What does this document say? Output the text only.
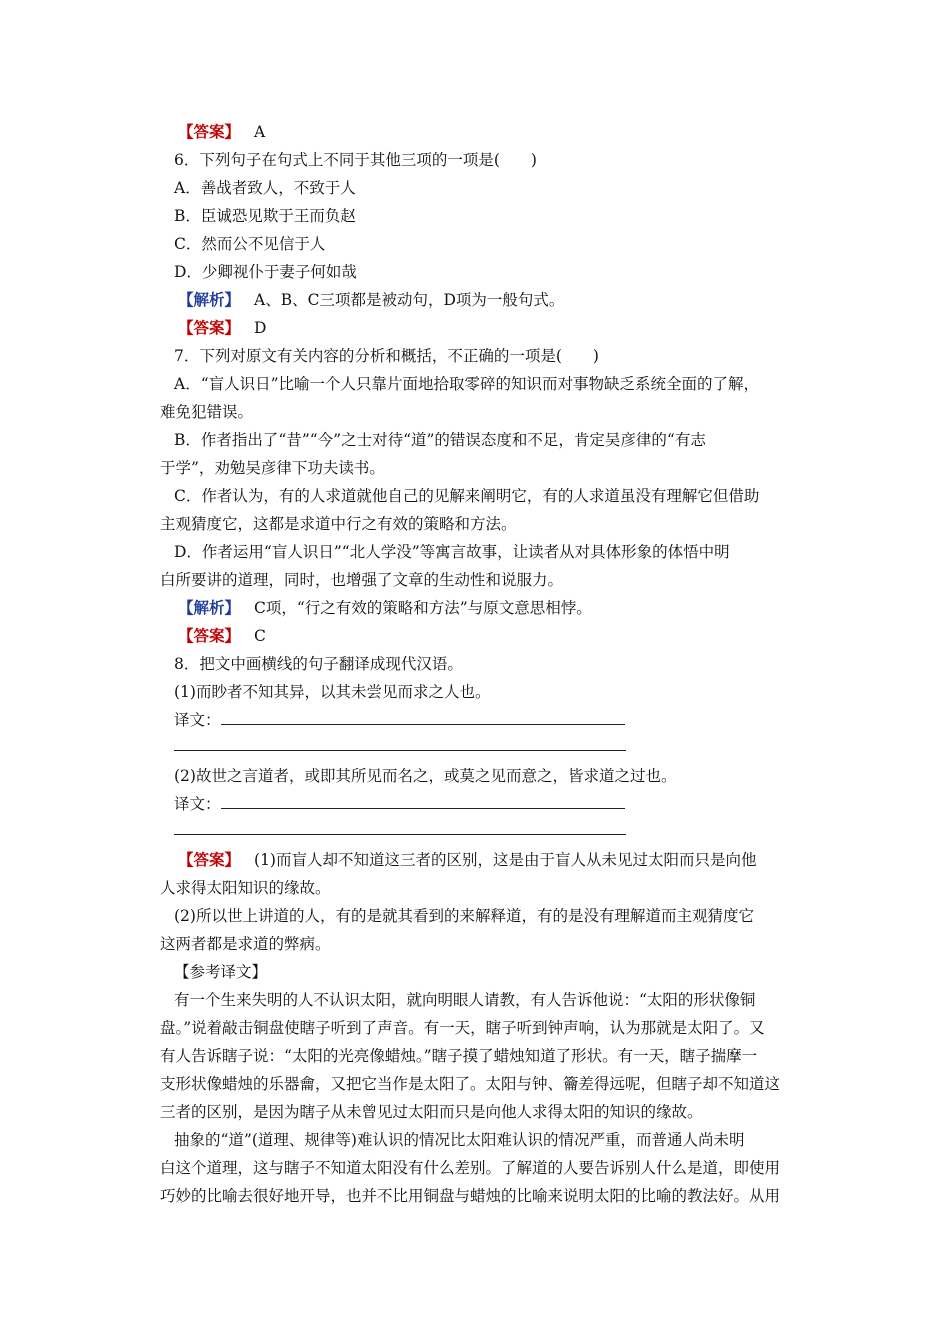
【答案】 A
6．下列句子在句式上不同于其他三项的一项是(　　)
A．善战者致人，不致于人
B．臣诚恐见欺于王而负赵
C．然而公不见信于人
D．少卿视仆于妻子何如哉
【解析】 A、B、C三项都是被动句，D项为一般句式。
【答案】 D
7．下列对原文有关内容的分析和概括，不正确的一项是(　　)
A．“盲人识日”比喻一个人只靠片面地拾取零碎的知识而对事物缺乏系统全面的了解，
难免犯错误。
B．作者指出了“昔”“今”之士对待“道”的错误态度和不足，肯定吴彦律的“有志
于学”，劝勉吴彦律下功夫读书。
C．作者认为，有的人求道就他自己的见解来阐明它，有的人求道虽没有理解它但借助
主观猜度它，这都是求道中行之有效的策略和方法。
D．作者运用“盲人识日”“北人学没”等寓言故事，让读者从对具体形象的体悟中明
白所要讲的道理，同时，也增强了文章的生动性和说服力。
【解析】 C项，“行之有效的策略和方法”与原文意思相悖。
【答案】 C
8．把文中画横线的句子翻译成现代汉语。
(1)而眇者不知其异，以其未尝见而求之人也。
译文：
(2)故世之言道者，或即其所见而名之，或莫之见而意之，皆求道之过也。
译文：
【答案】 (1)而盲人却不知道这三者的区别，这是由于盲人从未见过太阳而只是向他
人求得太阳知识的缘故。
(2)所以世上讲道的人，有的是就其看到的来解释道，有的是没有理解道而主观猜度它
这两者都是求道的弊病。
【参考译文】
有一个生来失明的人不认识太阳，就向明眼人请教，有人告诉他说：“太阳的形状像铜
盘。”说着敲击铜盘使瞎子听到了声音。有一天，瞎子听到钟声响，认为那就是太阳了。又
有人告诉瞎子说：“太阳的光亮像蜡烛。”瞎子摸了蜡烛知道了形状。有一天，瞎子揣摩一
支形状像蜡烛的乐器龠，又把它当作是太阳了。太阳与钟、籥差得远呢，但瞎子却不知道这
三者的区别，是因为瞎子从未曾见过太阳而只是向他人求得太阳的知识的缘故。
抽象的“道”(道理、规律等)难认识的情况比太阳难认识的情况严重，而普通人尚未明
白这个道理，这与瞎子不知道太阳没有什么差别。了解道的人要告诉别人什么是道，即使用
巧妙的比喻去很好地开导，也并不比用铜盘与蜡烛的比喻来说明太阳的比喻的教法好。从用
